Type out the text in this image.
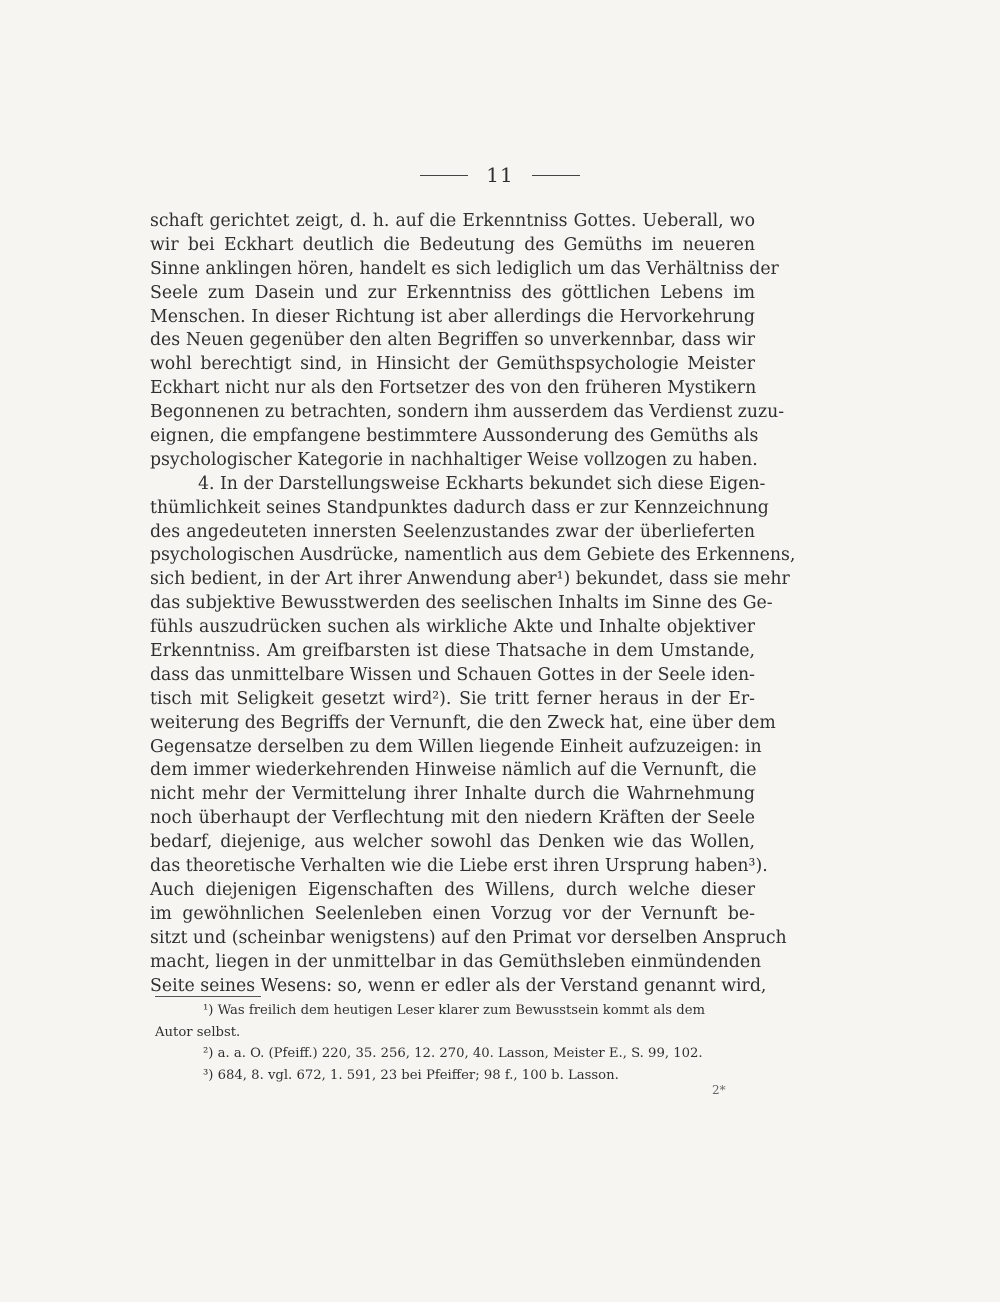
11
schaft gerichtet zeigt, d. h. auf die Erkenntniss Gottes. Ueberall, wo
wir bei Eckhart deutlich die Bedeutung des Gemüths im neueren
Sinne anklingen hören, handelt es sich lediglich um das Verhältniss der
Seele zum Dasein und zur Erkenntniss des göttlichen Lebens im
Menschen. In dieser Richtung ist aber allerdings die Hervorkehrung
des Neuen gegenüber den alten Begriffen so unverkennbar, dass wir
wohl berechtigt sind, in Hinsicht der Gemüthspsychologie Meister
Eckhart nicht nur als den Fortsetzer des von den früheren Mystikern
Begonnenen zu betrachten, sondern ihm ausserdem das Verdienst zuzu-
eignen, die empfangene bestimmtere Aussonderung des Gemüths als
psychologischer Kategorie in nachhaltiger Weise vollzogen zu haben.
4. In der Darstellungsweise Eckharts bekundet sich diese Eigen-
thümlichkeit seines Standpunktes dadurch dass er zur Kennzeichnung
des angedeuteten innersten Seelenzustandes zwar der überlieferten
psychologischen Ausdrücke, namentlich aus dem Gebiete des Erkennens,
sich bedient, in der Art ihrer Anwendung aber¹) bekundet, dass sie mehr
das subjektive Bewusstwerden des seelischen Inhalts im Sinne des Ge-
fühls auszudrücken suchen als wirkliche Akte und Inhalte objektiver
Erkenntniss. Am greifbarsten ist diese Thatsache in dem Umstande,
dass das unmittelbare Wissen und Schauen Gottes in der Seele iden-
tisch mit Seligkeit gesetzt wird²). Sie tritt ferner heraus in der Er-
weiterung des Begriffs der Vernunft, die den Zweck hat, eine über dem
Gegensatze derselben zu dem Willen liegende Einheit aufzuzeigen: in
dem immer wiederkehrenden Hinweise nämlich auf die Vernunft, die
nicht mehr der Vermittelung ihrer Inhalte durch die Wahrnehmung
noch überhaupt der Verflechtung mit den niedern Kräften der Seele
bedarf, diejenige, aus welcher sowohl das Denken wie das Wollen,
das theoretische Verhalten wie die Liebe erst ihren Ursprung haben³).
Auch diejenigen Eigenschaften des Willens, durch welche dieser
im gewöhnlichen Seelenleben einen Vorzug vor der Vernunft be-
sitzt und (scheinbar wenigstens) auf den Primat vor derselben Anspruch
macht, liegen in der unmittelbar in das Gemüthsleben einmündenden
Seite seines Wesens: so, wenn er edler als der Verstand genannt wird,
¹) Was freilich dem heutigen Leser klarer zum Bewusstsein kommt als dem
Autor selbst.
²) a. a. O. (Pfeiff.) 220, 35. 256, 12. 270, 40. Lasson, Meister E., S. 99, 102.
³) 684, 8. vgl. 672, 1. 591, 23 bei Pfeiffer; 98 f., 100 b. Lasson.
2*
